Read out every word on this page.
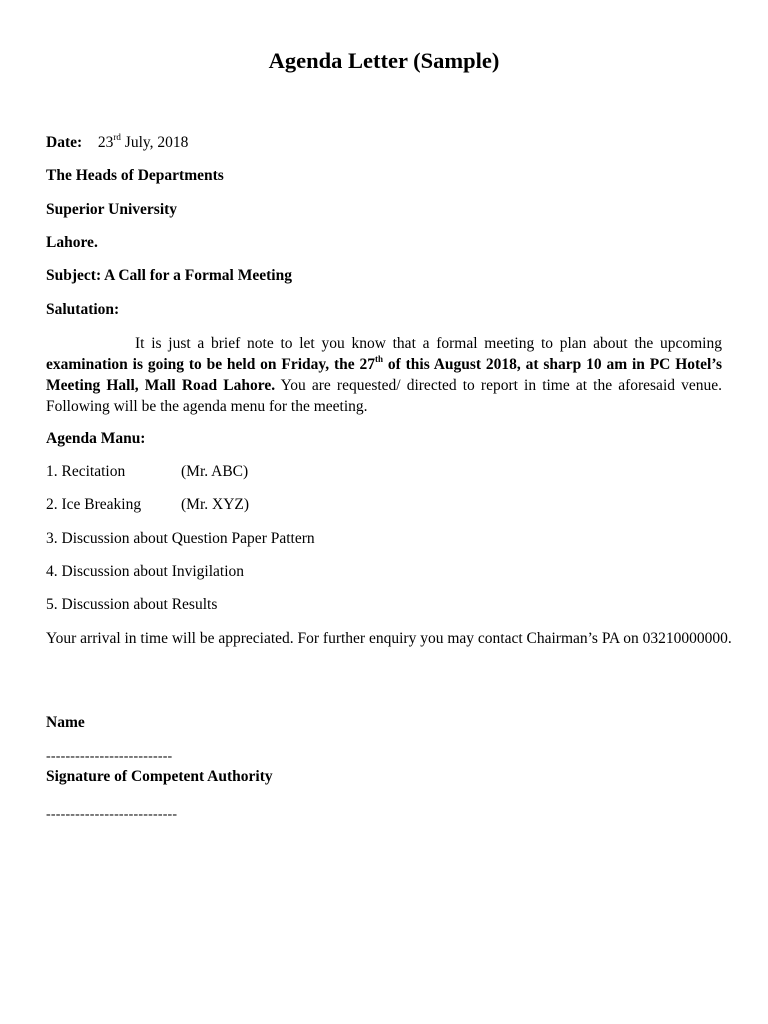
Agenda Letter (Sample)
Date: 23rd July, 2018
The Heads of Departments
Superior University
Lahore.
Subject: A Call for a Formal Meeting
Salutation:
It is just a brief note to let you know that a formal meeting to plan about the upcoming examination is going to be held on Friday, the 27th of this August 2018, at sharp 10 am in PC Hotel’s Meeting Hall, Mall Road Lahore. You are requested/ directed to report in time at the aforesaid venue. Following will be the agenda menu for the meeting.
Agenda Manu:
1. Recitation	(Mr. ABC)
2. Ice Breaking	(Mr. XYZ)
3. Discussion about Question Paper Pattern
4. Discussion about Invigilation
5. Discussion about Results
Your arrival in time will be appreciated. For further enquiry you may contact Chairman’s PA on 03210000000.
Name
--------------------------
Signature of Competent Authority
---------------------------
